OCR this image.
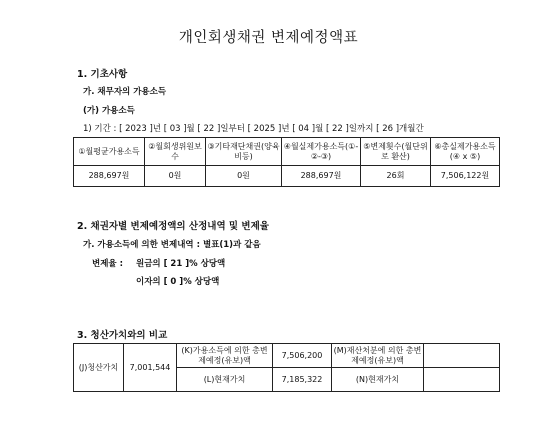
개인회생채권 변제예정액표
1. 기초사항
가. 채무자의 가용소득
(가) 가용소득
1) 기간 : [ 2023 ]년 [ 03 ]월 [ 22 ]일부터 [ 2025 ]년 [ 04 ]월 [ 22 ]일까지 [ 26 ]개월간
①월평균가용소득	②월회생위원보수	③기타재단채권(양육비등)	④월실제가용소득(①-②-③)	⑤변제횟수(월단위로 환산)	⑥총실제가용소득(④ x ⑤)
288,697원	0원	0원	288,697원	26회	7,506,122원
2. 채권자별 변제예정액의 산정내역 및 변제율
가. 가용소득에 의한 변제내역 : 별표(1)과 같음
변제율 : 원금의 [ 21 ]% 상당액
이자의 [ 0 ]% 상당액
3. 청산가치와의 비교
(J)청산가치	7,001,544	(K)가용소득에 의한 총변제예정(유보)액	7,506,200	(M)재산처분에 의한 총변제예정(유보)액	
		(L)현재가치	7,185,322	(N)현재가치	
